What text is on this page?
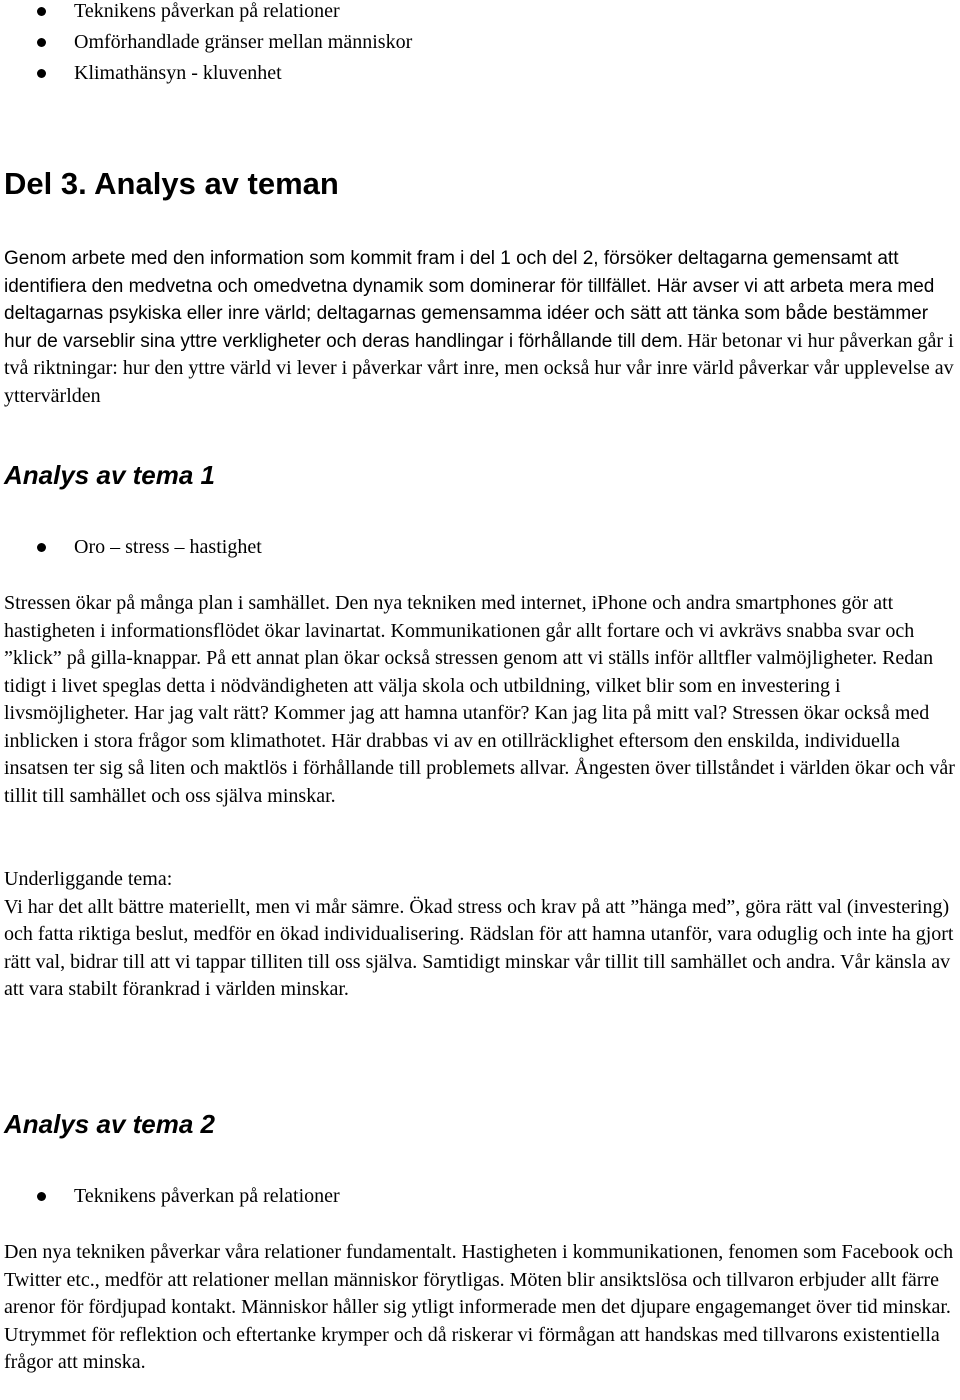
Teknikens påverkan på relationer
Omförhandlade gränser mellan människor
Klimathänsyn - kluvenhet
Del 3. Analys av teman

Genom arbete med den information som kommit fram i del 1 och del 2, försöker deltagarna gemensamt att identifiera den medvetna och omedvetna dynamik som dominerar för tillfället. Här avser vi att arbeta mera med deltagarnas psykiska eller inre värld; deltagarnas gemensamma idéer och sätt att tänka som både bestämmer hur de varseblir sina yttre verkligheter och deras handlingar i förhållande till dem.

Här betonar vi hur påverkan går i två riktningar: hur den yttre värld vi lever i påverkar vårt inre, men också hur vår inre värld påverkar vår upplevelse av yttervärlden

Analys av tema 1
Oro – stress – hastighet

Stressen ökar på många plan i samhället. Den nya tekniken med internet, iPhone och andra smartphones gör att hastigheten i informationsflödet ökar lavinartat. Kommunikationen går allt fortare och vi avkrävs snabba svar och ”klick” på gilla-knappar. På ett annat plan ökar också stressen genom att vi ställs inför alltfler valmöjligheter. Redan tidigt i livet speglas detta i nödvändigheten att välja skola och utbildning, vilket blir som en investering i livsmöjligheter. Har jag valt rätt? Kommer jag att hamna utanför? Kan jag lita på mitt val? Stressen ökar också med inblicken i stora frågor som klimathotet. Här drabbas vi av en otillräcklighet eftersom den enskilda, individuella insatsen ter sig så liten och maktlös i förhållande till problemets allvar. Ångesten över tillståndet i världen ökar och vår tillit till samhället och oss själva minskar.

Underliggande tema:

Vi har det allt bättre materiellt, men vi mår sämre. Ökad stress och krav på att ”hänga med”, göra rätt val (investering) och fatta riktiga beslut, medför en ökad individualisering. Rädslan för att hamna utanför, vara oduglig och inte ha gjort rätt val, bidrar till att vi tappar tilliten till oss själva. Samtidigt minskar vår tillit till samhället och andra. Vår känsla av att vara stabilt förankrad i världen minskar.

Analys av tema 2
Teknikens påverkan på relationer

Den nya tekniken påverkar våra relationer fundamentalt. Hastigheten i kommunikationen, fenomen som Facebook och Twitter etc., medför att relationer mellan människor förytligas. Möten blir ansiktslösa och tillvaron erbjuder allt färre arenor för fördjupad kontakt. Människor håller sig ytligt informerade men det djupare engagemanget över tid minskar. Utrymmet för reflektion och eftertanke krymper och då riskerar vi förmågan att handskas med tillvarons existentiella frågor att minska.
